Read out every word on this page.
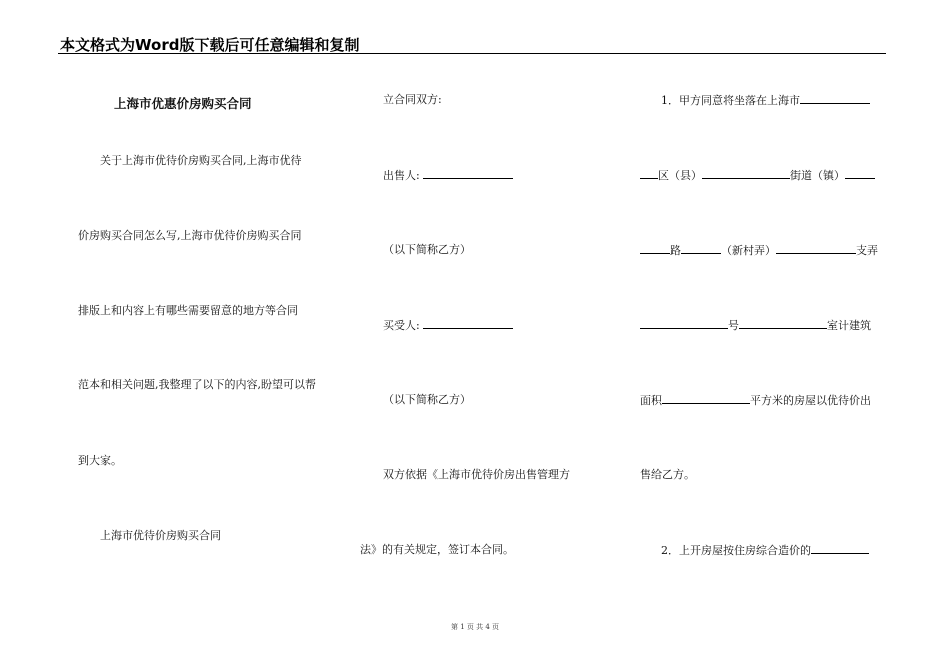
本文格式为Word版下载后可任意编辑和复制
上海市优惠价房购买合同
关于上海市优待价房购买合同,上海市优待
价房购买合同怎么写,上海市优待价房购买合同
排版上和内容上有哪些需要留意的地方等合同
范本和相关问题,我整理了以下的内容,盼望可以帮
到大家。
上海市优待价房购买合同
立合同双方:
出售人:
（以下简称乙方）
买受人:
（以下简称乙方）
双方依据《上海市优待价房出售管理方
法》的有关规定，签订本合同。
1．甲方同意将坐落在上海市
区（县）	街道（镇）
路	（新村弄）	支弄
号	室计建筑
面积	平方米的房屋以优待价出
售给乙方。
2．上开房屋按住房综合造价的
第 1 页 共 4 页
